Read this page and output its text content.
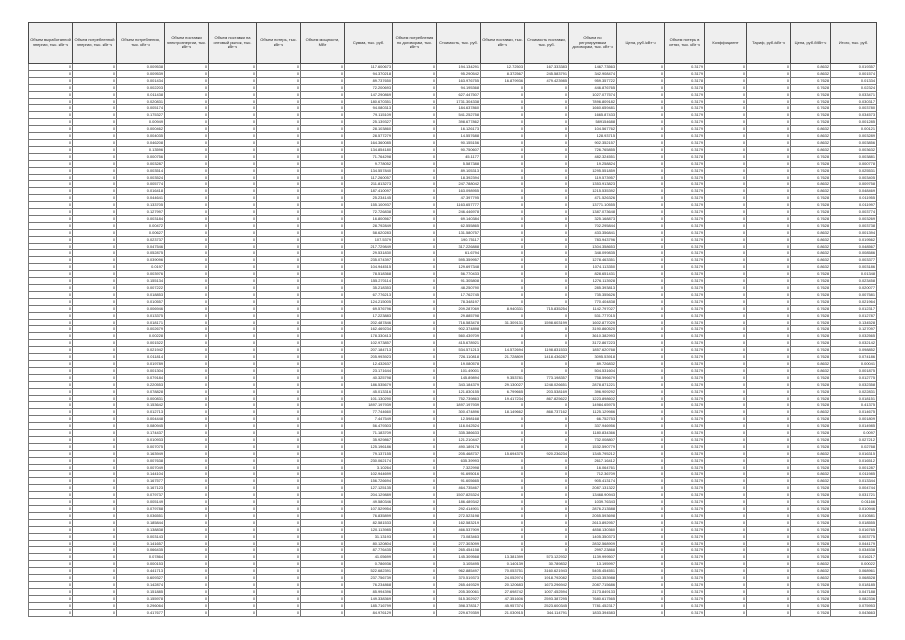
Объем выработанной энергии, тыс. кВт·ч	Объем потребленной энергии, тыс. кВт·ч	Объем потребления, тыс. кВт·ч	Объем поставки электроэнергии, тыс. кВт·ч	Объем поставки на оптовый рынок, тыс. кВт·ч	Объем потерь, тыс. кВт·ч	Объем мощности, МВт	Сумма, тыс. руб.	Объем потребления по договорам, тыс. кВт·ч	Стоимость, тыс. руб.	Объем поставки, тыс. кВт·ч	Стоимость поставки, тыс. руб.	Объем по регулируемым договорам, тыс. кВт·ч	Цена, руб./кВт·ч	Объем потерь в сетях, тыс. кВт·ч	Коэффициент	Тариф, руб./кВт·ч	Цена, руб./МВт·ч	Итого, тыс. руб.
0	0	0.009538	0	0	0	0	117.600673	0	194.134291	12.72503	167.333383	1467.73563	0	0.3179	0	0	0.8632	0.019357
0	0	0.009539	0	0	0	0	94.370218	0	95.290542	8.372567	245.583791	342.908474	0	0.3179	0	0	0.8632	0.001574
0	0	0.001434	0	0	0	0	89.737650	0	163.976755	16.879936	479.423985	959.357722	0	0.3178	0	0	0.7628	0.01334
0	0	0.002203	0	0	0	0	72.200693	0	94.195368	0	0	446.876765	0	0.3178	0	0	0.7628	0.02324
0	0	0.011438	0	0	0	0	147.290869	0	627.447507	0	0	1027.077574	0	0.3179	0	0	0.7628	0.033471
0	0	0.020831	0	0	0	0	180.670351	0	1731.304338	0	0	7896.809182	0	0.3179	0	0	0.7628	0.030317
0	0	0.005174	0	0	0	0	94.080313	0	184.637860	0	0	1660.659481	0	0.3179	0	0	0.7628	0.003780
0	0	0.175327	0	0	0	0	79.115109	0	541.252758	0	0	1665.87433	0	0.3179	0	0	0.7628	0.034573
0	0	0.00949	0	0	0	0	25.139327	0	398.677862	0	0	589154688	0	0.3179	0	0	0.7628	0.001285
0	0	0.000462	0	0	0	0	28.103860	0	16.126173	0	0	104.567762	0	0.3179	0	0	0.8632	0.00121
0	0	0.004035	0	0	0	0	28.577279	0	14.557688	0	0	128.93715	0	0.3179	0	0	0.8632	0.003289
0	0	0.046208	0	0	0	0	164.360085	0	90.155156	0	0	902.352157	0	0.3179	0	0	0.8632	0.003856
0	0	0.13596	0	0	0	0	134.854180	0	90.750607	0	0	726.765855	0	0.3179	0	0	0.8632	0.003632
0	0	0.000756	0	0	0	0	71.764298	0	45.1177	0	0	482.324551	0	0.3178	0	0	0.7628	0.003881
0	0	0.003287	0	0	0	0	9.778052	0	5.587388	0	0	19.258824	0	0.3179	0	0	0.7628	0.000778
0	0	0.003514	0	0	0	0	134.557840	0	89.105313	0	0	1295.551859	0	0.3179	0	0	0.7628	0.025531
0	0	0.003524	0	0	0	0	117.260057	0	18.392394	0	0	119.573957	0	0.3179	0	0	0.7628	0.003405
0	0	0.005774	0	0	0	0	211.813273	0	247.788042	0	0	1353.913823	0	0.3179	0	0	0.8632	0.009758
0	0	0.016418	0	0	0	0	187.410097	0	163.098955	0	0	1215.535392	0	0.3179	0	0	0.8632	0.048469
0	0	0.044641	0	0	0	0	25.234145	0	47.397795	0	0	471.526326	0	0.3179	0	0	0.7628	0.011955
0	0	0.133705	0	0	0	0	155.100937	0	1163.657777	0	0	13771.10555	0	0.3179	0	0	0.7628	0.011997
0	0	0.127997	0	0	0	0	72.726838	0	246.446978	0	0	1387.073648	0	0.3179	0	0	0.7628	0.003774
0	0	0.003184	0	0	0	0	16.800567	0	69.140384	0	0	325.168873	0	0.3179	0	0	0.7628	0.003269
0	0	0.00472	0	0	0	0	28.792849	0	62.555865	0	0	702.295844	0	0.3179	0	0	0.7628	0.003738
0	0	0.00627	0	0	0	0	58.620283	0	131.580757	0	0	433.356841	0	0.3179	0	0	0.8632	0.001394
0	0	0.023737	0	0	0	0	107.5379	0	190.75117	0	0	783.943796	0	0.3179	0	0	0.8632	0.019562
0	0	0.047546	0	0	0	0	217.729849	0	317.226888	0	0	1304.358653	0	0.3179	0	0	0.8632	0.048567
0	0	0.052875	0	0	0	0	29.531830	0	61.6794	0	0	348.099835	0	0.3179	0	0	0.8632	0.008586
0	0	0.039096	0	0	0	0	235.074397	0	595.359957	0	0	1278.463351	0	0.3179	0	0	0.8632	0.003377
0	0	0.0197	0	0	0	0	104.944515	0	129.697348	0	0	1074.113350	0	0.3179	0	0	0.8632	0.003186
0	0	0.003976	0	0	0	0	78.518368	0	56.770433	0	0	828.651431	0	0.3179	0	0	0.7628	0.01348
0	0	0.155134	0	0	0	0	155.270114	0	91.305808	0	0	1276.113928	0	0.3179	0	0	0.7628	0.023458
0	0	0.007222	0	0	0	0	35.218353	0	48.250790	0	0	285.393813	0	0.3179	0	0	0.7628	0.020077
0	0	0.018853	0	0	0	0	67.776213	0	17.762745	0	0	735.355626	0	0.3179	0	0	0.7628	0.007581
0	0	0.010557	0	0	0	0	124.215005	0	78.348197	0	0	770.404838	0	0.3179	0	0	0.7628	0.021964
0	0	0.006946	0	0	0	0	69.576796	0	209.287069	8.940331	715.835254	1142.797027	0	0.3179	0	0	0.7628	0.012317
0	0	0.013375	0	0	0	0	17.223883	0	29.885798	0	0	531.777015	0	0.3179	0	0	0.7628	0.012787
0	0	0.018171	0	0	0	0	202.487846	0	716.583478	31.309131	1598.603199	1602.877029	0	0.3179	0	0	0.7628	0.134528
0	0	0.002679	0	0	0	0	162.469234	0	902.374898	0	0	3190.860520	0	0.3179	0	0	0.7628	0.127097
0	0	0.00228	0	0	0	0	178.330413	0	560.439709	0	0	3610.382993	0	0.3179	0	0	0.7628	0.032565
0	0	0.001522	0	0	0	0	102.973857	0	415.678921	0	0	3172.867223	0	0.3179	0	0	0.7628	0.032142
0	0	0.021942	0	0	0	0	207.184713	0	534.571213	14.572694	1198.831533	1857.620768	0	0.3179	0	0	0.7628	0.098852
0	0	0.011814	0	0	0	0	205.993923	0	726.110818	21.728809	1418.436287	3095.53918	0	0.3179	0	0	0.7628	0.074186
0	0	0.019789	0	0	0	0	12.432637	0	19.080578	0	0	89.726832	0	0.3179	0	0	0.8632	0.00041
0	0	0.001304	0	0	0	0	23.171644	0	101.49001	0	0	504.531604	0	0.3179	0	0	0.8632	0.001875
0	0	0.079184	0	0	0	0	40.325798	0	145.89894	9.353781	773.198357	758.596679	0	0.3179	0	0	0.7628	0.012775
0	0	0.220553	0	0	0	0	186.535679	0	343.184379	29.130027	1248.026651	2878.871221	0	0.3179	0	0	0.7628	0.032358
0	0	0.078828	0	0	0	0	45.013316	0	121.830155	6.799665	203.538169	396.909292	0	0.3179	0	0	0.7628	0.022831
0	0	0.000831	0	0	0	0	101.130290	0	752.739863	19.417234	867.825622	1223.898602	0	0.3179	0	0	0.7628	0.018151
0	0	0.153642	0	0	0	0	1897.197939	0	1897.197939	0	0	14984.65975	0	0.3179	0	0	0.7628	0.41375
0	0	0.012713	0	0	0	0	77.744660	0	300.474896	18.149662	868.737162	1125.129986	0	0.3179	0	0	0.8632	0.014675
0	0	0.004448	0	0	0	0	7.447549	0	12.598168	0	0	66.752753	0	0.3179	0	0	0.7628	0.001809
0	0	0.080945	0	0	0	0	56.479303	0	116.042524	0	0	337.946956	0	0.3179	0	0	0.7628	0.014985
0	0	0.174437	0	0	0	0	71.183709	0	335.386633	0	0	1180.834366	0	0.3179	0	0	0.7628	0.0097
0	0	0.010933	0	0	0	0	35.929867	0	121.210447	0	0	732.008807	0	0.3179	0	0	0.7628	0.027212
0	0	0.007075	0	0	0	0	125.196186	0	490.189176	0	0	1532.590779	0	0.3179	0	0	0.7628	0.02768
0	0	0.163949	0	0	0	0	79.137155	0	205.468737	15.694375	920.236234	1345.795212	0	0.3179	0	0	0.8632	0.016315
0	0	0.007638	0	0	0	0	230.062174	0	635.39993	0	0	2617.16412	0	0.3179	0	0	0.7628	0.016512
0	0	0.007049	0	0	0	0	3.10264	0	7.322998	0	0	16.064761	0	0.3179	0	0	0.7628	0.001287
0	0	0.144104	0	0	0	0	102.944699	0	91.695016	0	0	712.36709	0	0.3179	0	0	0.8632	0.011985
0	0	0.167577	0	0	0	0	156.726694	0	91.605665	0	0	905.413174	0	0.3179	0	0	0.8632	0.013344
0	0	0.167123	0	0	0	0	127.125135	0	464.735467	0	0	2087.131322	0	0.3179	0	0	0.7628	0.004744
0	0	0.079737	0	0	0	0	204.129889	0	1507.825324	0	0	13468.90943	0	0.3179	0	0	0.7628	0.031721
0	0	0.005149	0	0	0	0	49.580346	0	186.489342	0	0	1039.76343	0	0.3179	0	0	0.7628	0.01166
0	0	0.079788	0	0	0	0	107.529954	0	292.414901	0	0	2876.213588	0	0.3179	0	0	0.7628	0.010946
0	0	0.036551	0	0	0	0	76.835899	0	272.523198	0	0	2055.593698	0	0.3179	0	0	0.7628	0.010581
0	0	0.185844	0	0	0	0	82.581533	0	162.583219	0	0	2613.892957	0	0.3179	0	0	0.7628	0.018555
0	0	0.138838	0	0	0	0	120.113985	0	466.537909	0	0	4858.130360	0	0.3179	0	0	0.7628	0.016765
0	0	0.003143	0	0	0	0	31.13193	0	73.083463	0	0	1405.350373	0	0.3179	0	0	0.7628	0.003775
0	0	0.141657	0	0	0	0	80.120804	0	277.303099	0	0	2832.568909	0	0.3179	0	0	0.7628	0.044179
0	0	0.066435	0	0	0	0	87.776435	0	265.454158	0	0	2997.23868	0	0.3179	0	0	0.7628	0.034538
0	0	0.07864	0	0	0	0	41.05699	0	145.309568	13.381399	573.122932	1139.999507	0	0.3179	0	0	0.7628	0.016217
0	0	0.000153	0	0	0	0	0.786936	0	3.105495	0.140139	30.789832	13.195997	0	0.3179	0	0	0.8632	0.00022
0	0	0.441713	0	0	0	0	522.682391	0	962.885497	70.053751	3160.621943	5405.454551	0	0.3179	0	0	0.8632	0.068961
0	0	0.609327	0	0	0	0	237.756739	0	370.519373	24.052974	1918.792082	2243.353988	0	0.3179	0	0	0.8632	0.068528
0	0	0.142874	0	0	0	0	76.234868	0	265.449329	20.120683	1673.296942	2087.715686	0	0.3179	0	0	0.7628	0.018185
0	0	0.151885	0	0	0	0	85.994396	0	205.300061	27.698742	1007.452594	2173.849133	0	0.3179	0	0	0.7628	0.047188
0	0	0.155978	0	0	0	0	149.338369	0	515.302927	47.351606	2593.387295	7680.617565	0	0.3179	0	0	0.7628	0.082336
0	0	0.296064	0	0	0	0	185.716799	0	398.378317	45.957374	2523.600345	7781.452317	0	0.3179	0	0	0.7628	0.075953
0	0	0.417677	0	0	0	0	84.976129	0	229.679359	21.030915	344.114791	1833.394583	0	0.3179	0	0	0.7628	0.043663
